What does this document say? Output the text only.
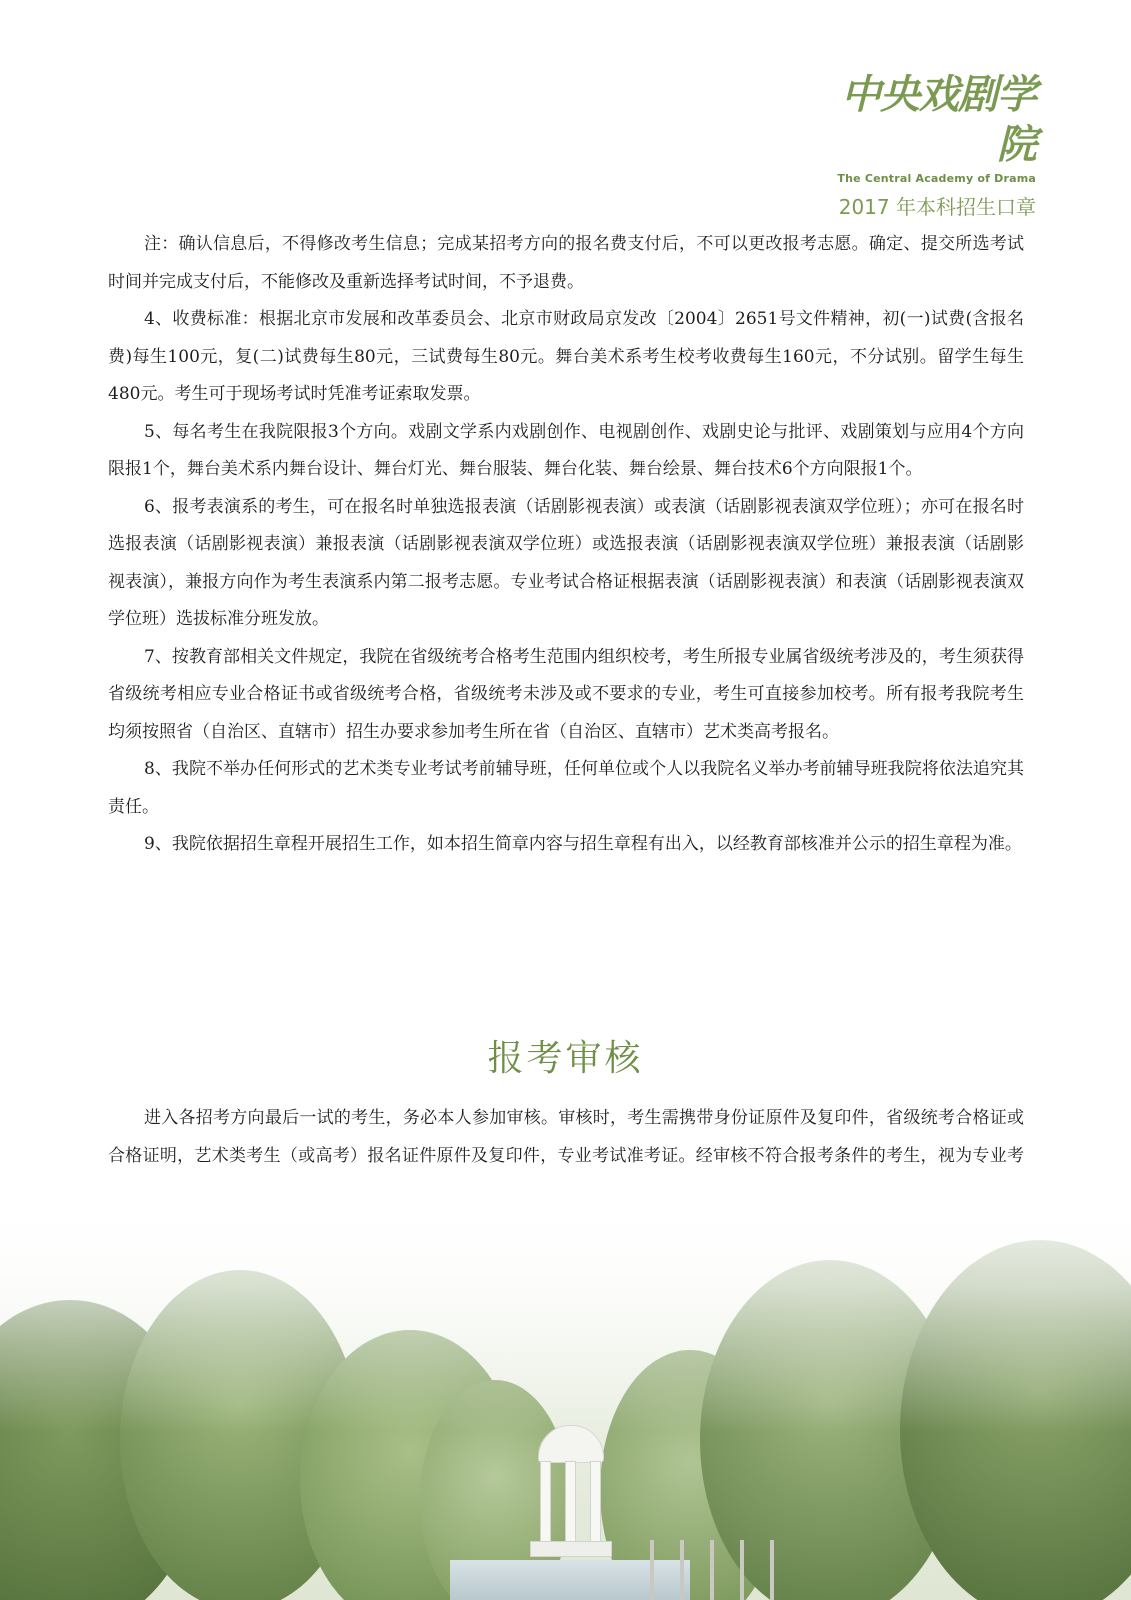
中央戏剧学院
The Central Academy of Drama
2017 年本科招生口章

注：确认信息后，不得修改考生信息；完成某招考方向的报名费支付后，不可以更改报考志愿。确定、提交所选考试时间并完成支付后，不能修改及重新选择考试时间，不予退费。

4、收费标准：根据北京市发展和改革委员会、北京市财政局京发改〔2004〕2651号文件精神，初(一)试费(含报名费)每生100元，复(二)试费每生80元，三试费每生80元。舞台美术系考生校考收费每生160元，不分试别。留学生每生480元。考生可于现场考试时凭准考证索取发票。

5、每名考生在我院限报3个方向。戏剧文学系内戏剧创作、电视剧创作、戏剧史论与批评、戏剧策划与应用4个方向限报1个，舞台美术系内舞台设计、舞台灯光、舞台服装、舞台化装、舞台绘景、舞台技术6个方向限报1个。

6、报考表演系的考生，可在报名时单独选报表演（话剧影视表演）或表演（话剧影视表演双学位班）；亦可在报名时选报表演（话剧影视表演）兼报表演（话剧影视表演双学位班）或选报表演（话剧影视表演双学位班）兼报表演（话剧影视表演），兼报方向作为考生表演系内第二报考志愿。专业考试合格证根据表演（话剧影视表演）和表演（话剧影视表演双学位班）选拔标准分班发放。

7、按教育部相关文件规定，我院在省级统考合格考生范围内组织校考，考生所报专业属省级统考涉及的，考生须获得省级统考相应专业合格证书或省级统考合格，省级统考未涉及或不要求的专业，考生可直接参加校考。所有报考我院考生均须按照省（自治区、直辖市）招生办要求参加考生所在省（自治区、直辖市）艺术类高考报名。

8、我院不举办任何形式的艺术类专业考试考前辅导班，任何单位或个人以我院名义举办考前辅导班我院将依法追究其责任。

9、我院依据招生章程开展招生工作，如本招生简章内容与招生章程有出入，以经教育部核准并公示的招生章程为准。

报考审核

进入各招考方向最后一试的考生，务必本人参加审核。审核时，考生需携带身份证原件及复印件，省级统考合格证或合格证明，艺术类考生（或高考）报名证件原件及复印件，专业考试准考证。经审核不符合报考条件的考生，视为专业考
